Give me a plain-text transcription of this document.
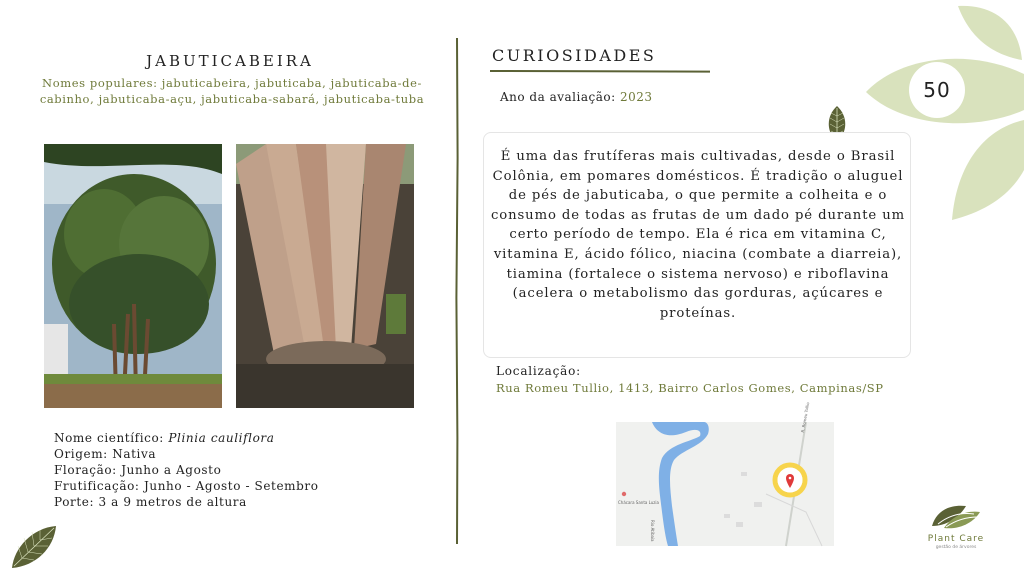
50
JABUTICABEIRA
Nomes populares: jabuticabeira, jabuticaba, jabuticaba-de-cabinho, jabuticaba-açu, jabuticaba-sabará, jabuticaba-tuba
Nome científico: Plinia cauliflora
Origem: Nativa
Floração: Junho a Agosto
Frutificação: Junho - Agosto - Setembro
Porte: 3 a 9 metros de altura
CURIOSIDADES
Ano da avaliação: 2023
É uma das frutíferas mais cultivadas, desde o Brasil Colônia, em pomares domésticos. É tradição o aluguel de pés de jabuticaba, o que permite a colheita e o consumo de todas as frutas de um dado pé durante um certo período de tempo. Ela é rica em vitamina C, vitamina E, ácido fólico, niacina (combate a diarreia), tiamina (fortalece o sistema nervoso) e riboflavina (acelera o metabolismo das gorduras, açúcares e proteínas.
Localização:
Rua Romeu Tullio, 1413, Bairro Carlos Gomes, Campinas/SP
Chácara Santa Luzia
Rio Atibaia
R. Romeu Tullio
Plant Care
gestão de árvores
